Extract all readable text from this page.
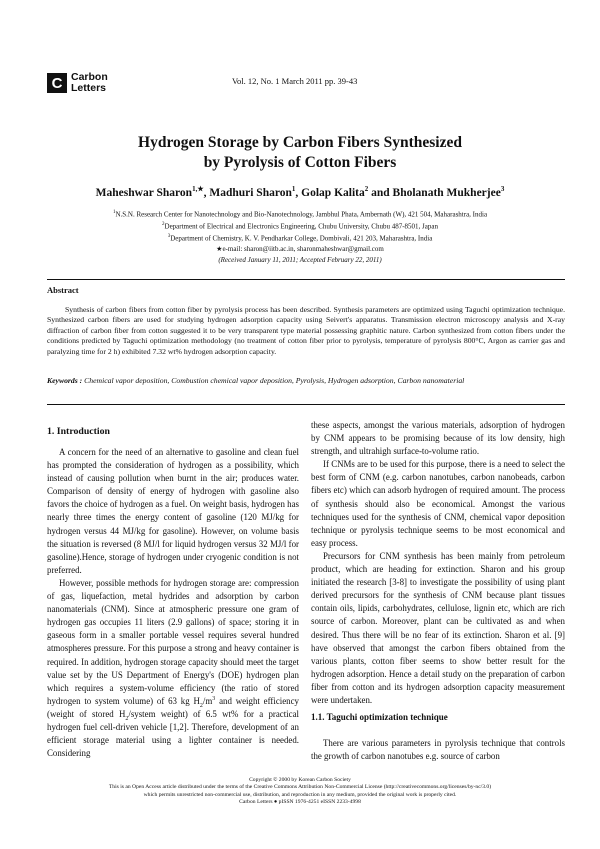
C Carbon
Letters
Vol. 12, No. 1 March 2011 pp. 39-43
Hydrogen Storage by Carbon Fibers Synthesized
by Pyrolysis of Cotton Fibers
Maheshwar Sharon$^{1,★}$, Madhuri Sharon$^1$, Golap Kalita$^2$ and Bholanath Mukherjee$^3$
$^1$N.S.N. Research Center for Nanotechnology and Bio-Nanotechnology, Jambhul Phata, Ambernath (W), 421 504, Maharashtra, India
$^2$Department of Electrical and Electronics Engineering, Chubu University, Chubu 487-8501, Japan
$^3$Department of Chemistry, K. V. Pendharkar College, Dombivali, 421 203, Maharashtra, India
★e-mail: sharon@iitb.ac.in, sharonmaheshwar@gmail.com
(Received January 11, 2011; Accepted February 22, 2011)
Abstract
Synthesis of carbon fibers from cotton fiber by pyrolysis process has been described. Synthesis parameters are optimized using Taguchi optimization technique. Synthesized carbon fibers are used for studying hydrogen adsorption capacity using Seivert's apparatus. Transmission electron microscopy analysis and X-ray diffraction of carbon fiber from cotton suggested it to be very transparent type material possessing graphitic nature. Carbon synthesized from cotton fibers under the conditions predicted by Taguchi optimization methodology (no treatment of cotton fiber prior to pyrolysis, temperature of pyrolysis 800°C, Argon as carrier gas and paralyzing time for 2 h) exhibited 7.32 wt% hydrogen adsorption capacity.
Keywords : Chemical vapor deposition, Combustion chemical vapor deposition, Pyrolysis, Hydrogen adsorption, Carbon nanomaterial
1. Introduction

A concern for the need of an alternative to gasoline and clean fuel has prompted the consideration of hydrogen as a possibility, which instead of causing pollution when burnt in the air; produces water. Comparison of density of energy of hydrogen with gasoline also favors the choice of hydrogen as a fuel. On weight basis, hydrogen has nearly three times the energy content of gasoline (120 MJ/kg for hydrogen versus 44 MJ/kg for gasoline). However, on volume basis the situation is reversed (8 MJ/l for liquid hydrogen versus 32 MJ/l for gasoline).Hence, storage of hydrogen under cryogenic condition is not preferred.

However, possible methods for hydrogen storage are: compression of gas, liquefaction, metal hydrides and adsorption by carbon nanomaterials (CNM). Since at atmospheric pressure one gram of hydrogen gas occupies 11 liters (2.9 gallons) of space; storing it in gaseous form in a smaller portable vessel requires several hundred atmospheres pressure. For this purpose a strong and heavy container is required. In addition, hydrogen storage capacity should meet the target value set by the US Department of Energy's (DOE) hydrogen plan which requires a system-volume efficiency (the ratio of stored hydrogen to system volume) of 63 kg $H_2/m^3$ and weight efficiency (weight of stored $H_2$/system weight) of 6.5 wt% for a practical hydrogen fuel cell-driven vehicle [1,2]. Therefore, development of an efficient storage material using a lighter container is needed. Considering

these aspects, amongst the various materials, adsorption of hydrogen by CNM appears to be promising because of its low density, high strength, and ultrahigh surface-to-volume ratio.

If CNMs are to be used for this purpose, there is a need to select the best form of CNM (e.g. carbon nanotubes, carbon nanobeads, carbon fibers etc) which can adsorb hydrogen of required amount. The process of synthesis should also be economical. Amongst the various techniques used for the synthesis of CNM, chemical vapor deposition technique or pyrolysis technique seems to be most economical and easy process.

Precursors for CNM synthesis has been mainly from petroleum product, which are heading for extinction. Sharon and his group initiated the research [3-8] to investigate the possibility of using plant derived precursors for the synthesis of CNM because plant tissues contain oils, lipids, carbohydrates, cellulose, lignin etc, which are rich source of carbon. Moreover, plant can be cultivated as and when desired. Thus there will be no fear of its extinction. Sharon et al. [9] have observed that amongst the carbon fibers obtained from the various plants, cotton fiber seems to show better result for the hydrogen adsorption. Hence a detail study on the preparation of carbon fiber from cotton and its hydrogen adsorption capacity measurement were undertaken.

1.1. Taguchi optimization technique

There are various parameters in pyrolysis technique that controls the growth of carbon nanotubes e.g. source of carbon

Copyright © 2000 by Korean Carbon Society
This is an Open Access article distributed under the terms of the Creative Commons Attribution Non-Commercial License (http://creativecommons.org/licenses/by-nc/3.0)
which permits unrestricted non-commercial use, distribution, and reproduction in any medium, provided the original work is properly cited.
Carbon Letters ● pISSN 1976-4251 eISSN 2233-4998
